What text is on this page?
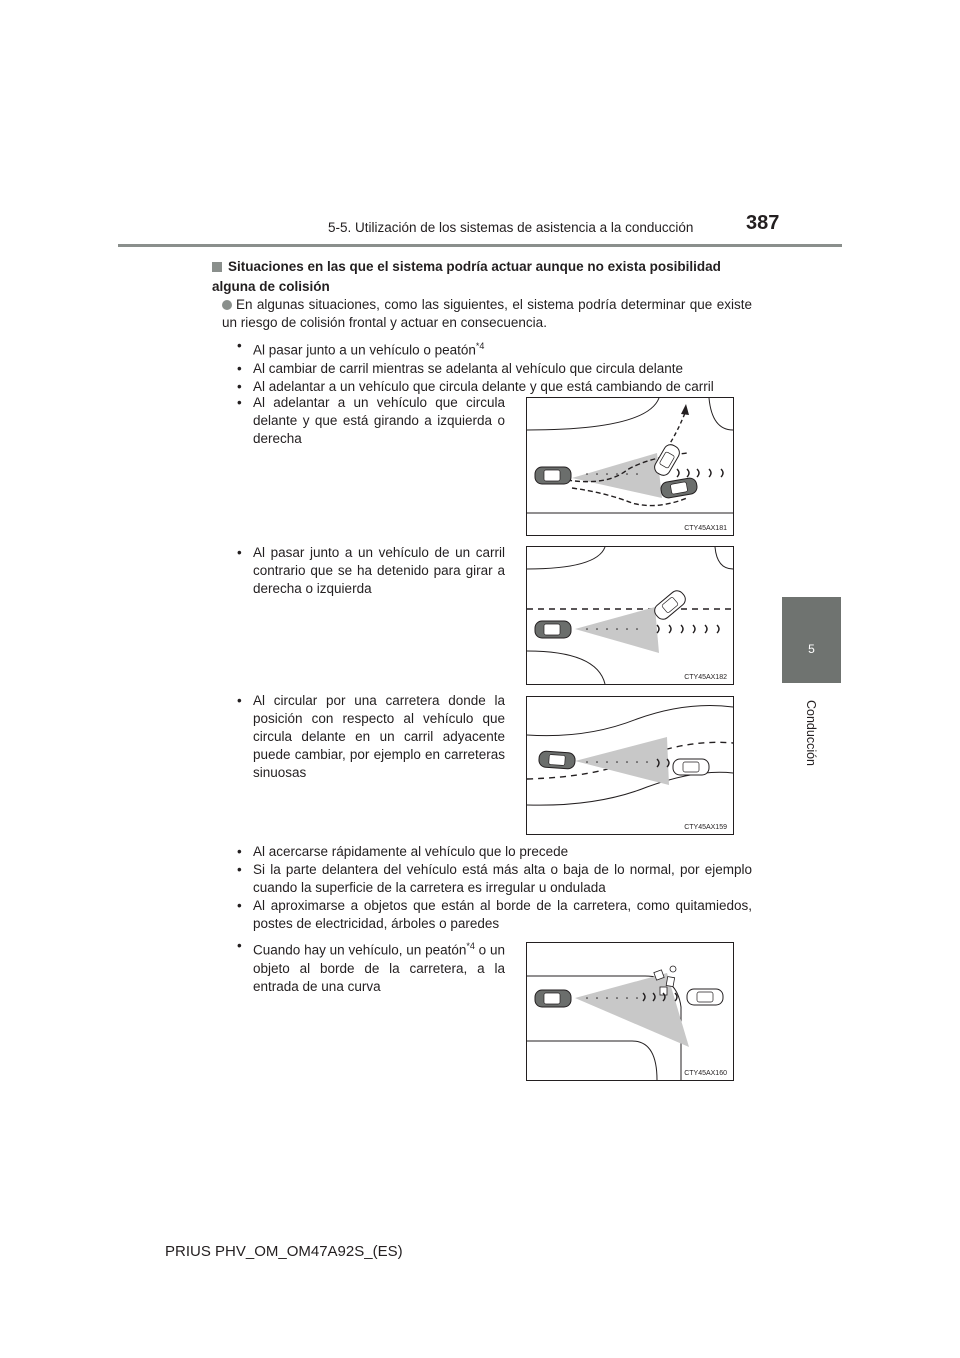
5-5. Utilización de los sistemas de asistencia a la conducción	387
5
Conducción
Situaciones en las que el sistema podría actuar aunque no exista posibilidad alguna de colisión
En algunas situaciones, como las siguientes, el sistema podría determinar que existe un riesgo de colisión frontal y actuar en consecuencia.
• Al pasar junto a un vehículo o peatón$^{*4}$
• Al cambiar de carril mientras se adelanta al vehículo que circula delante
• Al adelantar a un vehículo que circula delante y que está cambiando de carril
• Al adelantar a un vehículo que circula delante y que está girando a izquierda o derecha
CTY45AX181
• Al pasar junto a un vehículo de un carril contrario que se ha detenido para girar a derecha o izquierda
CTY45AX182
• Al circular por una carretera donde la posición con respecto al vehículo que circula delante en un carril adyacente puede cambiar, por ejemplo en carreteras sinuosas
CTY45AX159
• Al acercarse rápidamente al vehículo que lo precede
• Si la parte delantera del vehículo está más alta o baja de lo normal, por ejemplo cuando la superficie de la carretera es irregular u ondulada
• Al aproximarse a objetos que están al borde de la carretera, como quitamiedos, postes de electricidad, árboles o paredes
• Cuando hay un vehículo, un peatón$^{*4}$ o un objeto al borde de la carretera, a la entrada de una curva
CTY45AX160
PRIUS PHV_OM_OM47A92S_(ES)
